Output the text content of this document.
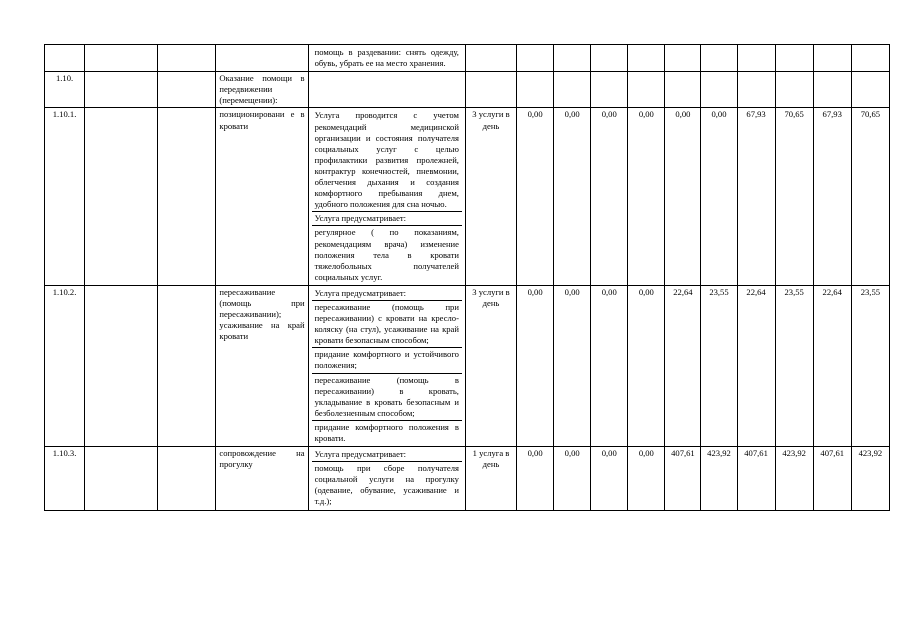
				помощь в раздевании: снять одежду, обувь, убрать ее на место хранения.											

1.10.			Оказание помощи в передвижении (перемещении):												
1.10.1.			позиционировани е в кровати	Услуга проводится с учетом рекомендаций медицинской организации и состояния получателя социальных услуг с целью профилактики развития пролежней, контрактур конечностей, пневмонии, облегчения дыхания и создания комфортного пребывания днем, удобного положения для сна ночью.
Услуга предусматривает:
регулярное ( по показаниям, рекомендациям врача) изменение положения тела в кровати тяжелобольных получателей социальных услуг.	3 услуги в день	0,00	0,00	0,00	0,00	0,00	0,00	67,93	70,65	67,93	70,65
1.10.2.			пересаживание (помощь при пересаживании); усаживание на край кровати	Услуга предусматривает:
пересаживание (помощь при пересаживании) с кровати на кресло-коляску (на стул), усаживание на край кровати безопасным способом;
придание комфортного и устойчивого положения;
пересаживание (помощь в пересаживании) в кровать, укладывание в кровать безопасным и безболезненным способом;
придание комфортного положения в кровати.	3 услуги в день	0,00	0,00	0,00	0,00	22,64	23,55	22,64	23,55	22,64	23,55
1.10.3.			сопровождение на прогулку	Услуга предусматривает:
помощь при сборе получателя социальной услуги на прогулку (одевание, обувание, усаживание и т.д.);	1 услуга в день	0,00	0,00	0,00	0,00	407,61	423,92	407,61	423,92	407,61	423,92
